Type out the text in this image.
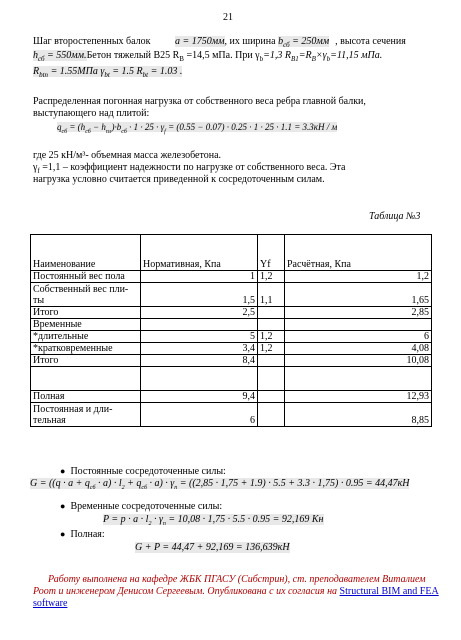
21
Шаг второстепенных балок a = 1750мм, их ширина $b_{сб} = 250мм$ , высота сечения
$h_{сб}$ = 550мм.Бетон тяжелый В25 $R_В =14,5$ мПа. При $\gamma_b=1,3$ $R_{B1}=R_B\times\gamma_b=11,15$ мПа.
$R_{btn} = 1.55МПа$ $\gamma_{bt} = 1.5$ $R_{bt} = 1.03$ .
Распределенная погонная нагрузка от собственного веса ребра главной балки,
выступающего над плитой:
$q_{сб} = (h_{сб} - h_{пл})\cdot b_{сб} \cdot 1 \cdot 25 \cdot \gamma_f = (0.55 - 0.07) \cdot 0.25 \cdot 1 \cdot 25 \cdot 1.1 = 3.3кН / м$
где 25 кН/м³- объемная масса железобетона.
$\gamma_f =1,1$ – коэффициент надежности по нагрузке от собственного веса. Эта
нагрузка условно считается приведенной к сосредоточенным силам.
Таблица №3
Наименование	Нормативная, Кпа	Yf	Расчётная, Кпа
Постоянный вес пола	1	1,2	1,2
Собственный вес пли-
ты	1,5	1,1	1,65
Итого	2,5		2,85
Временные			
*длительные	5	1,2	6
*кратковременные	3,4	1,2	4,08
Итого	8,4		10,08

Полная	9,4		12,93
Постоянная и дли-
тельная	6		8,85
● Постоянные сосредоточенные силы:
$G = ((q \cdot a + q_{сб} \cdot a) \cdot l_2 + q_{сб} \cdot a) \cdot \gamma_n = ((2,85 \cdot 1,75 + 1.9) \cdot 5.5 + 3.3 \cdot 1,75) \cdot 0.95 = 44,47кН$
● Временные сосредоточенные силы:
$P = p \cdot a \cdot l_2 \cdot \gamma_n = 10,08 \cdot 1,75 \cdot 5.5 \cdot 0.95 = 92,169$ Кн
● Полная:
G + P = 44,47 + 92,169 = 136,639кН
Работу выполнена на кафедре ЖБК ПГАСУ (Сибстрин), ст. преподавателем Виталием
Роот и инженером Денисом Сергеевым. Опубликована с их согласия на Structural BIM and FEA
software
